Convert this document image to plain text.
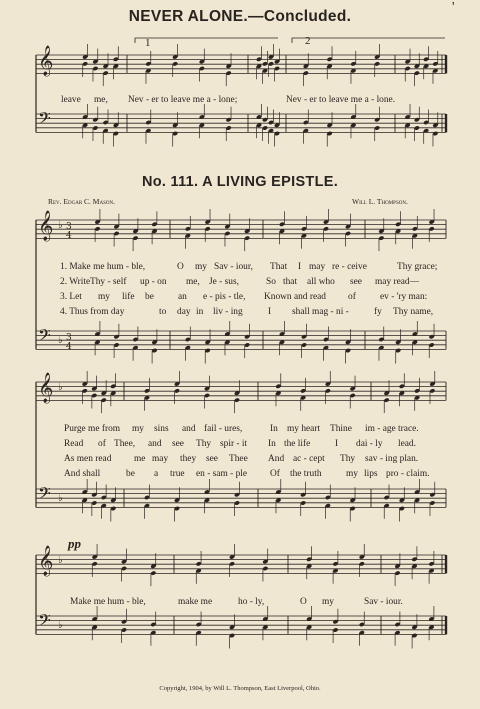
𝄞
𝄢
𝄞
𝄢
♭
♭
3
4
3
4
𝄞
𝄢
♭
♭
𝄞
𝄢
♭
♭
NEVER ALONE.—Concluded.
'
1	2
leave me, Nev - er to leave me a - lone;	Nev - er to leave me a - lone.
No. 111. A LIVING EPISTLE.
Rev. Edgar C. Mason.	Will L. Thompson.
1. Make me hum - ble,	O my Sav - iour, That I may re - ceive	Thy grace;
2. Write Thy - self up - on me, Je - sus,	So that all who see may read—
3. Let my life be	an e - pis - tle, Known and read of	ev - 'ry man:
4. Thus from day	to day in liv - ing	I shall mag - ni -	fy Thy name,
Purge me from my sins and fail - ures,	In my heart Thine im - age trace.
Read of Thee, and see Thy spir - it In the life	I dai - ly lead.
As men read me may they see Thee And ac - cept Thy sav - ing plan.
And shall	be a true en - sam - ple Of the truth	my lips pro - claim.
pp
Make me hum - ble,	make me	ho - ly,	O my	Sav - iour.
Copyright, 1904, by Will L. Thompson, East Liverpool, Ohio.
